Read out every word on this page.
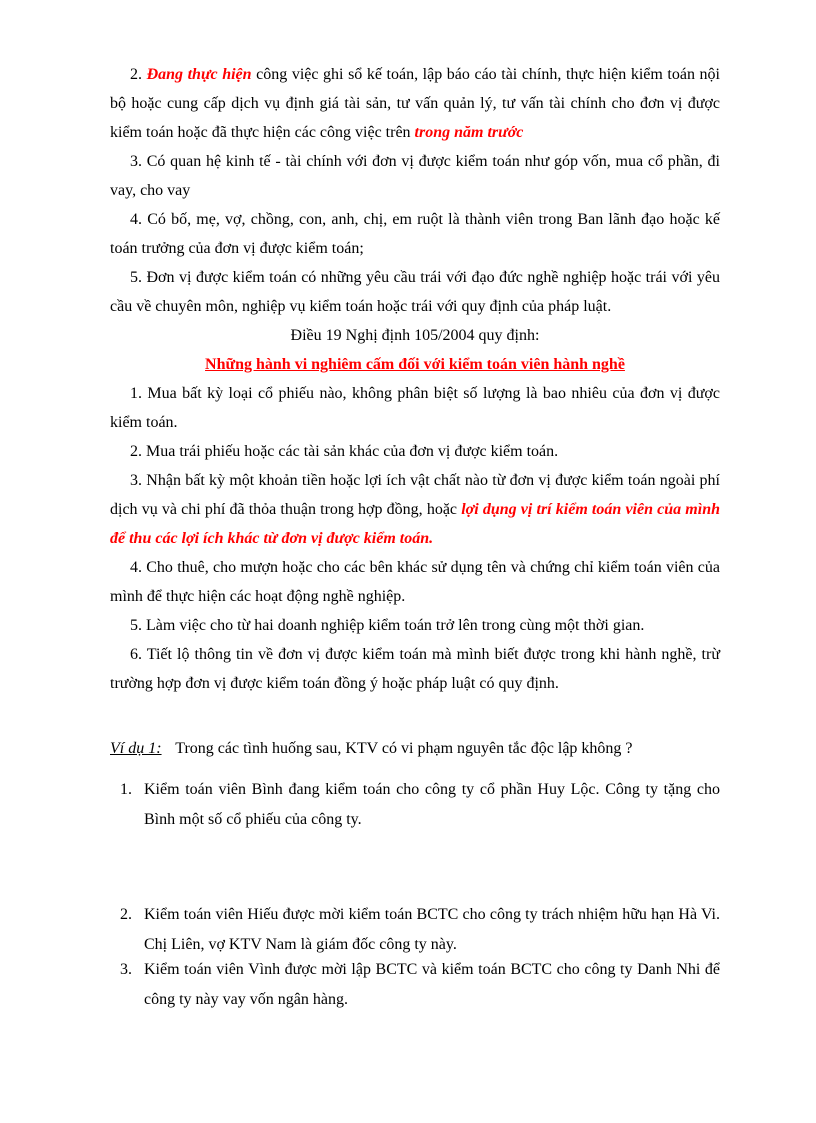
2. Đang thực hiện công việc ghi sổ kế toán, lập báo cáo tài chính, thực hiện kiểm toán nội bộ hoặc cung cấp dịch vụ định giá tài sản, tư vấn quản lý, tư vấn tài chính cho đơn vị được kiểm toán hoặc đã thực hiện các công việc trên trong năm trước

3. Có quan hệ kinh tế - tài chính với đơn vị được kiểm toán như góp vốn, mua cổ phần, đi vay, cho vay

4. Có bố, mẹ, vợ, chồng, con, anh, chị, em ruột là thành viên trong Ban lãnh đạo hoặc kế toán trưởng của đơn vị được kiểm toán;

5. Đơn vị được kiểm toán có những yêu cầu trái với đạo đức nghề nghiệp hoặc trái với yêu cầu về chuyên môn, nghiệp vụ kiểm toán hoặc trái với quy định của pháp luật.

Điều 19 Nghị định 105/2004 quy định:

Những hành vi nghiêm cấm đối với kiểm toán viên hành nghề

1. Mua bất kỳ loại cổ phiếu nào, không phân biệt số lượng là bao nhiêu của đơn vị được kiểm toán.

2. Mua trái phiếu hoặc các tài sản khác của đơn vị được kiểm toán.

3. Nhận bất kỳ một khoản tiền hoặc lợi ích vật chất nào từ đơn vị được kiểm toán ngoài phí dịch vụ và chi phí đã thỏa thuận trong hợp đồng, hoặc lợi dụng vị trí kiểm toán viên của mình để thu các lợi ích khác từ đơn vị được kiểm toán.

4. Cho thuê, cho mượn hoặc cho các bên khác sử dụng tên và chứng chỉ kiểm toán viên của mình để thực hiện các hoạt động nghề nghiệp.

5. Làm việc cho từ hai doanh nghiệp kiểm toán trở lên trong cùng một thời gian.

6. Tiết lộ thông tin về đơn vị được kiểm toán mà mình biết được trong khi hành nghề, trừ trường hợp đơn vị được kiểm toán đồng ý hoặc pháp luật có quy định.

Ví dụ 1: Trong các tình huống sau, KTV có vi phạm nguyên tắc độc lập không ?
1. Kiểm toán viên Bình đang kiểm toán cho công ty cổ phần Huy Lộc. Công ty tặng cho Bình một số cổ phiếu của công ty.
2. Kiểm toán viên Hiếu được mời kiểm toán BCTC cho công ty trách nhiệm hữu hạn Hà Vi. Chị Liên, vợ KTV Nam là giám đốc công ty này.
3. Kiểm toán viên Vình được mời lập BCTC và kiểm toán BCTC cho công ty Danh Nhi để công ty này vay vốn ngân hàng.
